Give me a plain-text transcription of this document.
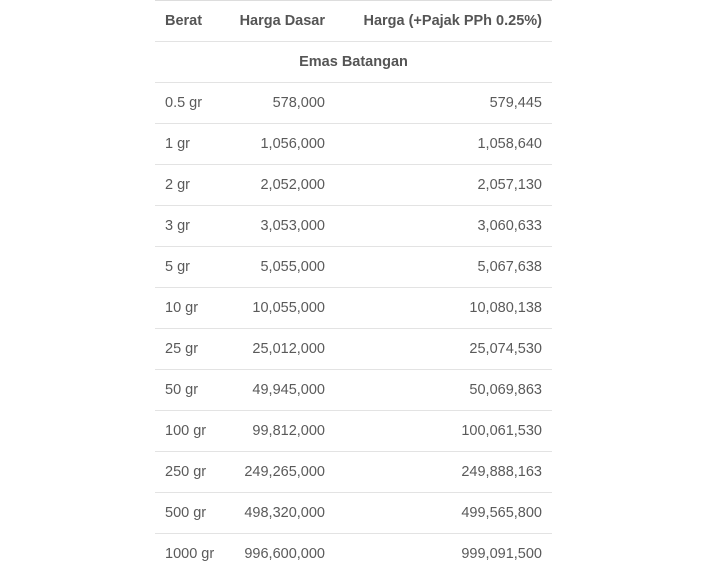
Berat	Harga Dasar	Harga (+Pajak PPh 0.25%)
Emas Batangan		
0.5 gr	578,000	579,445
1 gr	1,056,000	1,058,640
2 gr	2,052,000	2,057,130
3 gr	3,053,000	3,060,633
5 gr	5,055,000	5,067,638
10 gr	10,055,000	10,080,138
25 gr	25,012,000	25,074,530
50 gr	49,945,000	50,069,863
100 gr	99,812,000	100,061,530
250 gr	249,265,000	249,888,163
500 gr	498,320,000	499,565,800
1000 gr	996,600,000	999,091,500
